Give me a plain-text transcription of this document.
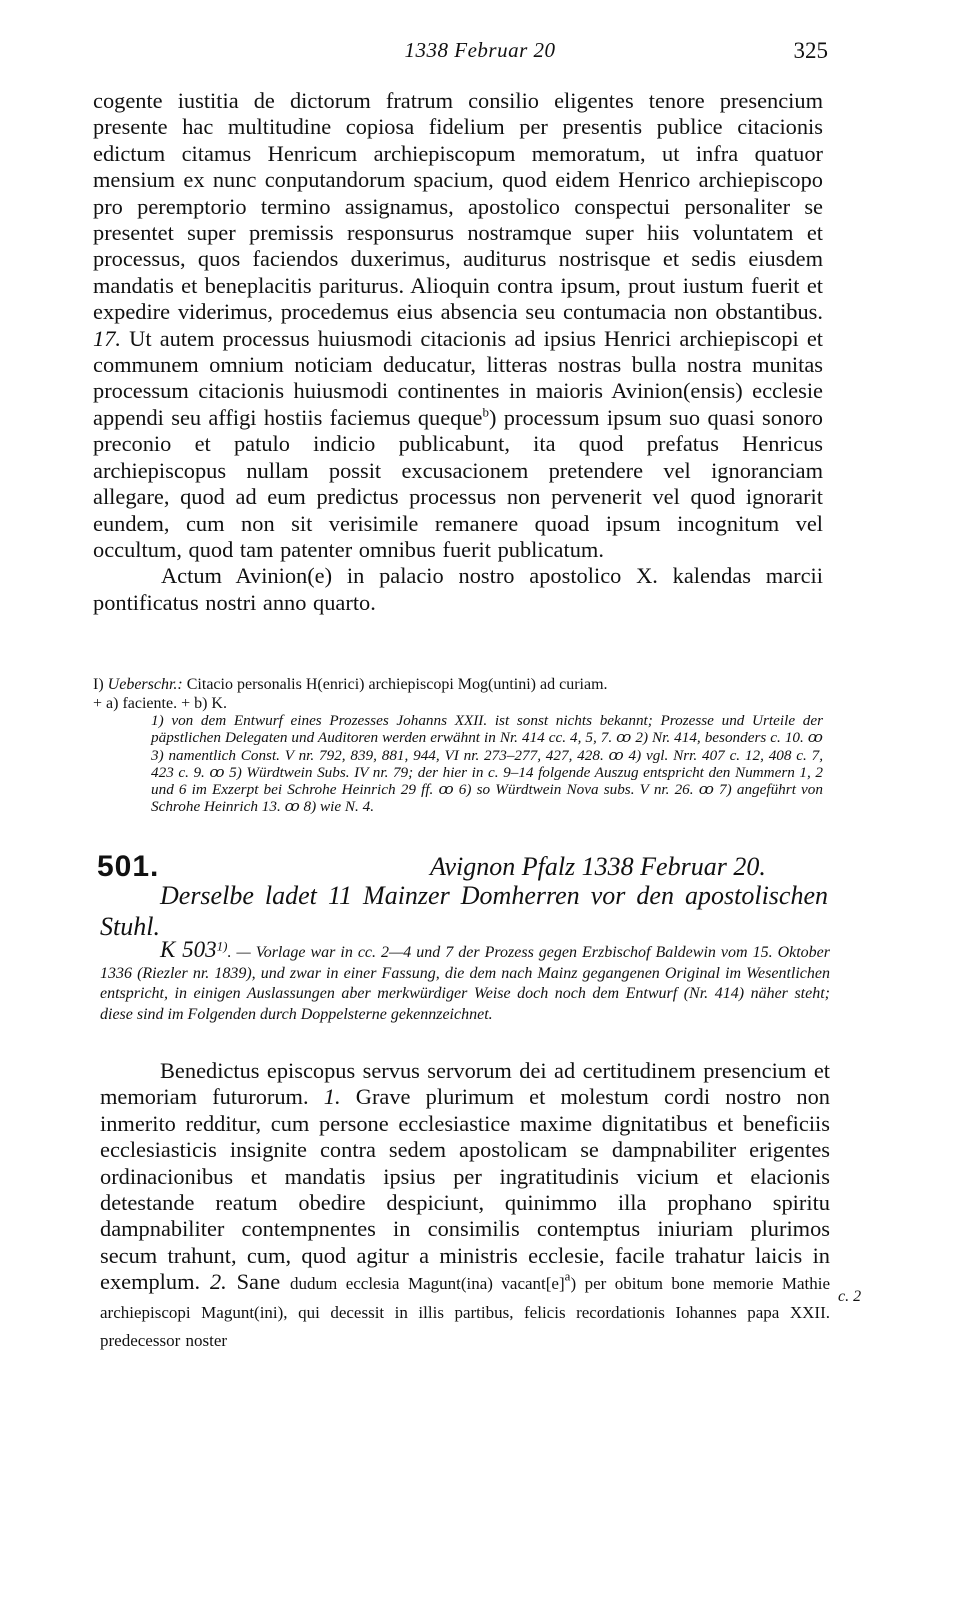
1338 Februar 20	325

cogente iustitia de dictorum fratrum consilio eligentes tenore presencium presente hac multitudine copiosa fidelium per presentis publice citacionis edictum citamus Henricum archiepiscopum memoratum, ut infra quatuor mensium ex nunc conputandorum spacium, quod eidem Henrico archiepiscopo pro peremptorio termino assignamus, apostolico conspectui personaliter se presentet super premissis responsurus nostramque super hiis voluntatem et processus, quos faciendos duxerimus, auditurus nostrisque et sedis eiusdem mandatis et beneplacitis pariturus. Alioquin contra ipsum, prout iustum fuerit et expedire viderimus, procedemus eius absencia seu contumacia non obstantibus. 17. Ut autem processus huiusmodi citacionis ad ipsius Henrici archiepiscopi et communem omnium noticiam deducatur, litteras nostras bulla nostra munitas processum citacionis huiusmodi continentes in maioris Avinion(ensis) ecclesie appendi seu affigi hostiis faciemus queque$^b$) processum ipsum suo quasi sonoro preconio et patulo indicio publicabunt, ita quod prefatus Henricus archiepiscopus nullam possit excusacionem pretendere vel ignoranciam allegare, quod ad eum predictus processus non pervenerit vel quod ignorarit eundem, cum non sit verisimile remanere quoad ipsum incognitum vel occultum, quod tam patenter omnibus fuerit publicatum.

Actum Avinion(e) in palacio nostro apostolico X. kalendas marcii pontificatus nostri anno quarto.

I) Ueberschr.: Citacio personalis H(enrici) archiepiscopi Mog(untini) ad curiam.

+ a) faciente. + b) K.

1) von dem Entwurf eines Prozesses Johanns XXII. ist sonst nichts bekannt; Prozesse und Urteile der päpstlichen Delegaten und Auditoren werden erwähnt in Nr. 414 cc. 4, 5, 7. ꝏ 2) Nr. 414, besonders c. 10. ꝏ 3) namentlich Const. V nr. 792, 839, 881, 944, VI nr. 273–277, 427, 428. ꝏ 4) vgl. Nrr. 407 c. 12, 408 c. 7, 423 c. 9. ꝏ 5) Würdtwein Subs. IV nr. 79; der hier in c. 9–14 folgende Auszug entspricht den Nummern 1, 2 und 6 im Exzerpt bei Schrohe Heinrich 29 ff. ꝏ 6) so Würdtwein Nova subs. V nr. 26. ꝏ 7) angeführt von Schrohe Heinrich 13. ꝏ 8) wie N. 4.

501.	Avignon Pfalz 1338 Februar 20.
Derselbe ladet 11 Mainzer Domherren vor den apostolischen Stuhl.
K 503$^{1)}$. — Vorlage war in cc. 2—4 und 7 der Prozess gegen Erzbischof Baldewin vom 15. Oktober 1336 (Riezler nr. 1839), und zwar in einer Fassung, die dem nach Mainz gegangenen Original im Wesentlichen entspricht, in einigen Auslassungen aber merkwürdiger Weise doch noch dem Entwurf (Nr. 414) näher steht; diese sind im Folgenden durch Doppelsterne gekennzeichnet.
Benedictus episcopus servus servorum dei ad certitudinem presencium et memoriam futurorum. 1. Grave plurimum et molestum cordi nostro non inmerito redditur, cum persone ecclesiastice maxime dignitatibus et beneficiis ecclesiasticis insignite contra sedem apostolicam se dampnabiliter erigentes ordinacionibus et mandatis ipsius per ingratitudinis vicium et elacionis detestande reatum obedire despiciunt, quinimmo illa prophano spiritu dampnabiliter contempnentes in consimilis contemptus iniuriam plurimos secum trahunt, cum, quod agitur a ministris ecclesie, facile trahatur laicis in exemplum. 2. Sane dudum ecclesia Magunt(ina) $vacant[e]^a$) per obitum bone memorie Mathie archiepiscopi Magunt(ini), qui decessit in illis partibus, felicis recordationis Iohannes papa XXII. predecessor noster
c. 2
